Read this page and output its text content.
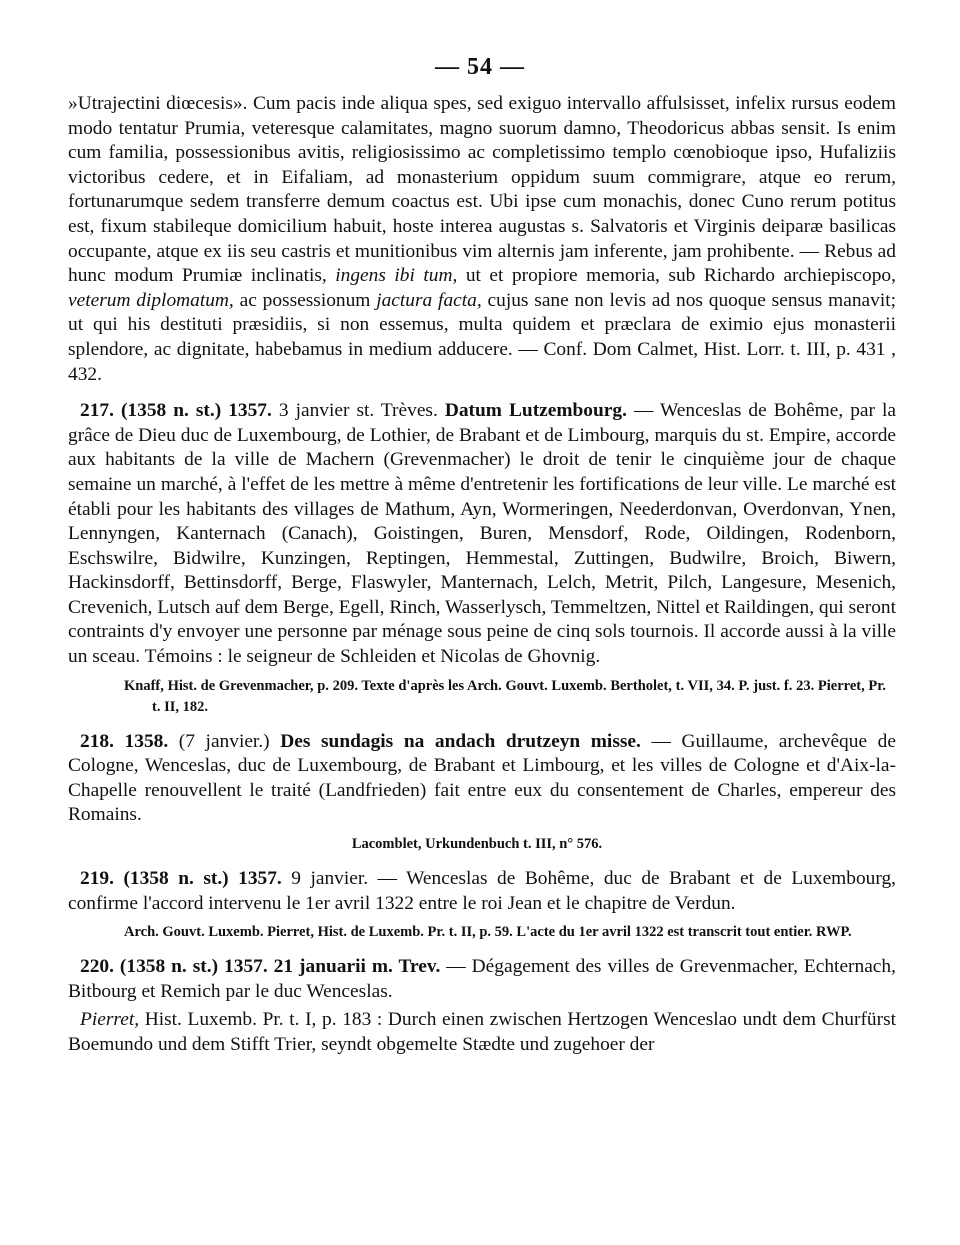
— 54 —

»Utrajectini diœcesis». Cum pacis inde aliqua spes, sed exiguo intervallo affulsisset, infelix rursus eodem modo tentatur Prumia, veteresque calamitates, magno suorum damno, Theodoricus abbas sensit. Is enim cum familia, possessionibus avitis, religiosissimo ac completissimo templo cœnobioque ipso, Hufaliziis victoribus cedere, et in Eifaliam, ad monasterium oppidum suum commigrare, atque eo rerum, fortunarumque sedem transferre demum coactus est. Ubi ipse cum monachis, donec Cuno rerum potitus est, fixum stabileque domicilium habuit, hoste interea augustas s. Salvatoris et Virginis deiparæ basilicas occupante, atque ex iis seu castris et munitionibus vim alternis jam inferente, jam prohibente. — Rebus ad hunc modum Prumiæ inclinatis, ingens ibi tum, ut et propiore memoria, sub Richardo archiepiscopo, veterum diplomatum, ac possessionum jactura facta, cujus sane non levis ad nos quoque sensus manavit; ut qui his destituti præsidiis, si non essemus, multa quidem et præclara de eximio ejus monasterii splendore, ac dignitate, habebamus in medium adducere. — Conf. Dom Calmet, Hist. Lorr. t. III, p. 431 , 432.

217. (1358 n. st.) 1357. 3 janvier st. Trèves. Datum Lutzembourg. — Wenceslas de Bohême, par la grâce de Dieu duc de Luxembourg, de Lothier, de Brabant et de Limbourg, marquis du st. Empire, accorde aux habitants de la ville de Machern (Grevenmacher) le droit de tenir le cinquième jour de chaque semaine un marché, à l'effet de les mettre à même d'entretenir les fortifications de leur ville. Le marché est établi pour les habitants des villages de Mathum, Ayn, Wormeringen, Neederdonvan, Overdonvan, Ynen, Lennyngen, Kanternach (Canach), Goistingen, Buren, Mensdorf, Rode, Oildingen, Rodenborn, Eschswilre, Bidwilre, Kunzingen, Reptingen, Hemmestal, Zuttingen, Budwilre, Broich, Biwern, Hackinsdorff, Bettinsdorff, Berge, Flaswyler, Manternach, Lelch, Metrit, Pilch, Langesure, Mesenich, Crevenich, Lutsch auf dem Berge, Egell, Rinch, Wasserlysch, Temmeltzen, Nittel et Raildingen, qui seront contraints d'y envoyer une personne par ménage sous peine de cinq sols tournois. Il accorde aussi à la ville un sceau. Témoins : le seigneur de Schleiden et Nicolas de Ghovnig.

Knaff, Hist. de Grevenmacher, p. 209. Texte d'après les Arch. Gouvt. Luxemb. Bertholet, t. VII, 34. P. just. f. 23. Pierret, Pr. t. II, 182.

218. 1358. (7 janvier.) Des sundagis na andach drutzeyn misse. — Guillaume, archevêque de Cologne, Wenceslas, duc de Luxembourg, de Brabant et Limbourg, et les villes de Cologne et d'Aix-la-Chapelle renouvellent le traité (Landfrieden) fait entre eux du consentement de Charles, empereur des Romains.

Lacomblet, Urkundenbuch t. III, n° 576.

219. (1358 n. st.) 1357. 9 janvier. — Wenceslas de Bohême, duc de Brabant et de Luxembourg, confirme l'accord intervenu le 1er avril 1322 entre le roi Jean et le chapitre de Verdun.

Arch. Gouvt. Luxemb. Pierret, Hist. de Luxemb. Pr. t. II, p. 59. L'acte du 1er avril 1322 est transcrit tout entier. RWP.

220. (1358 n. st.) 1357. 21 januarii m. Trev. — Dégagement des villes de Grevenmacher, Echternach, Bitbourg et Remich par le duc Wenceslas.

Pierret, Hist. Luxemb. Pr. t. I, p. 183 : Durch einen zwischen Hertzogen Wenceslao undt dem Churfürst Boemundo und dem Stifft Trier, seyndt obgemelte Stædte und zugehoer der
